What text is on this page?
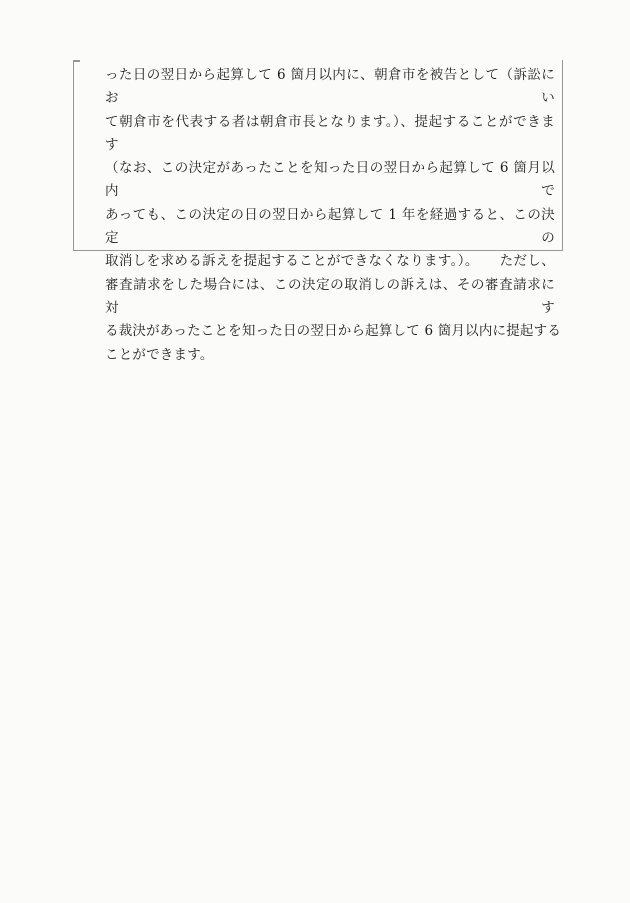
った日の翌日から起算して 6 箇月以内に、朝倉市を被告として（訴訟におい
て朝倉市を代表する者は朝倉市長となります。）、提起することができます
（なお、この決定があったことを知った日の翌日から起算して 6 箇月以内で
あっても、この決定の日の翌日から起算して 1 年を経過すると、この決定の
取消しを求める訴えを提起することができなくなります。）。　　ただし、
審査請求をした場合には、この決定の取消しの訴えは、その審査請求に対す
る裁決があったことを知った日の翌日から起算して 6 箇月以内に提起する
ことができます。
